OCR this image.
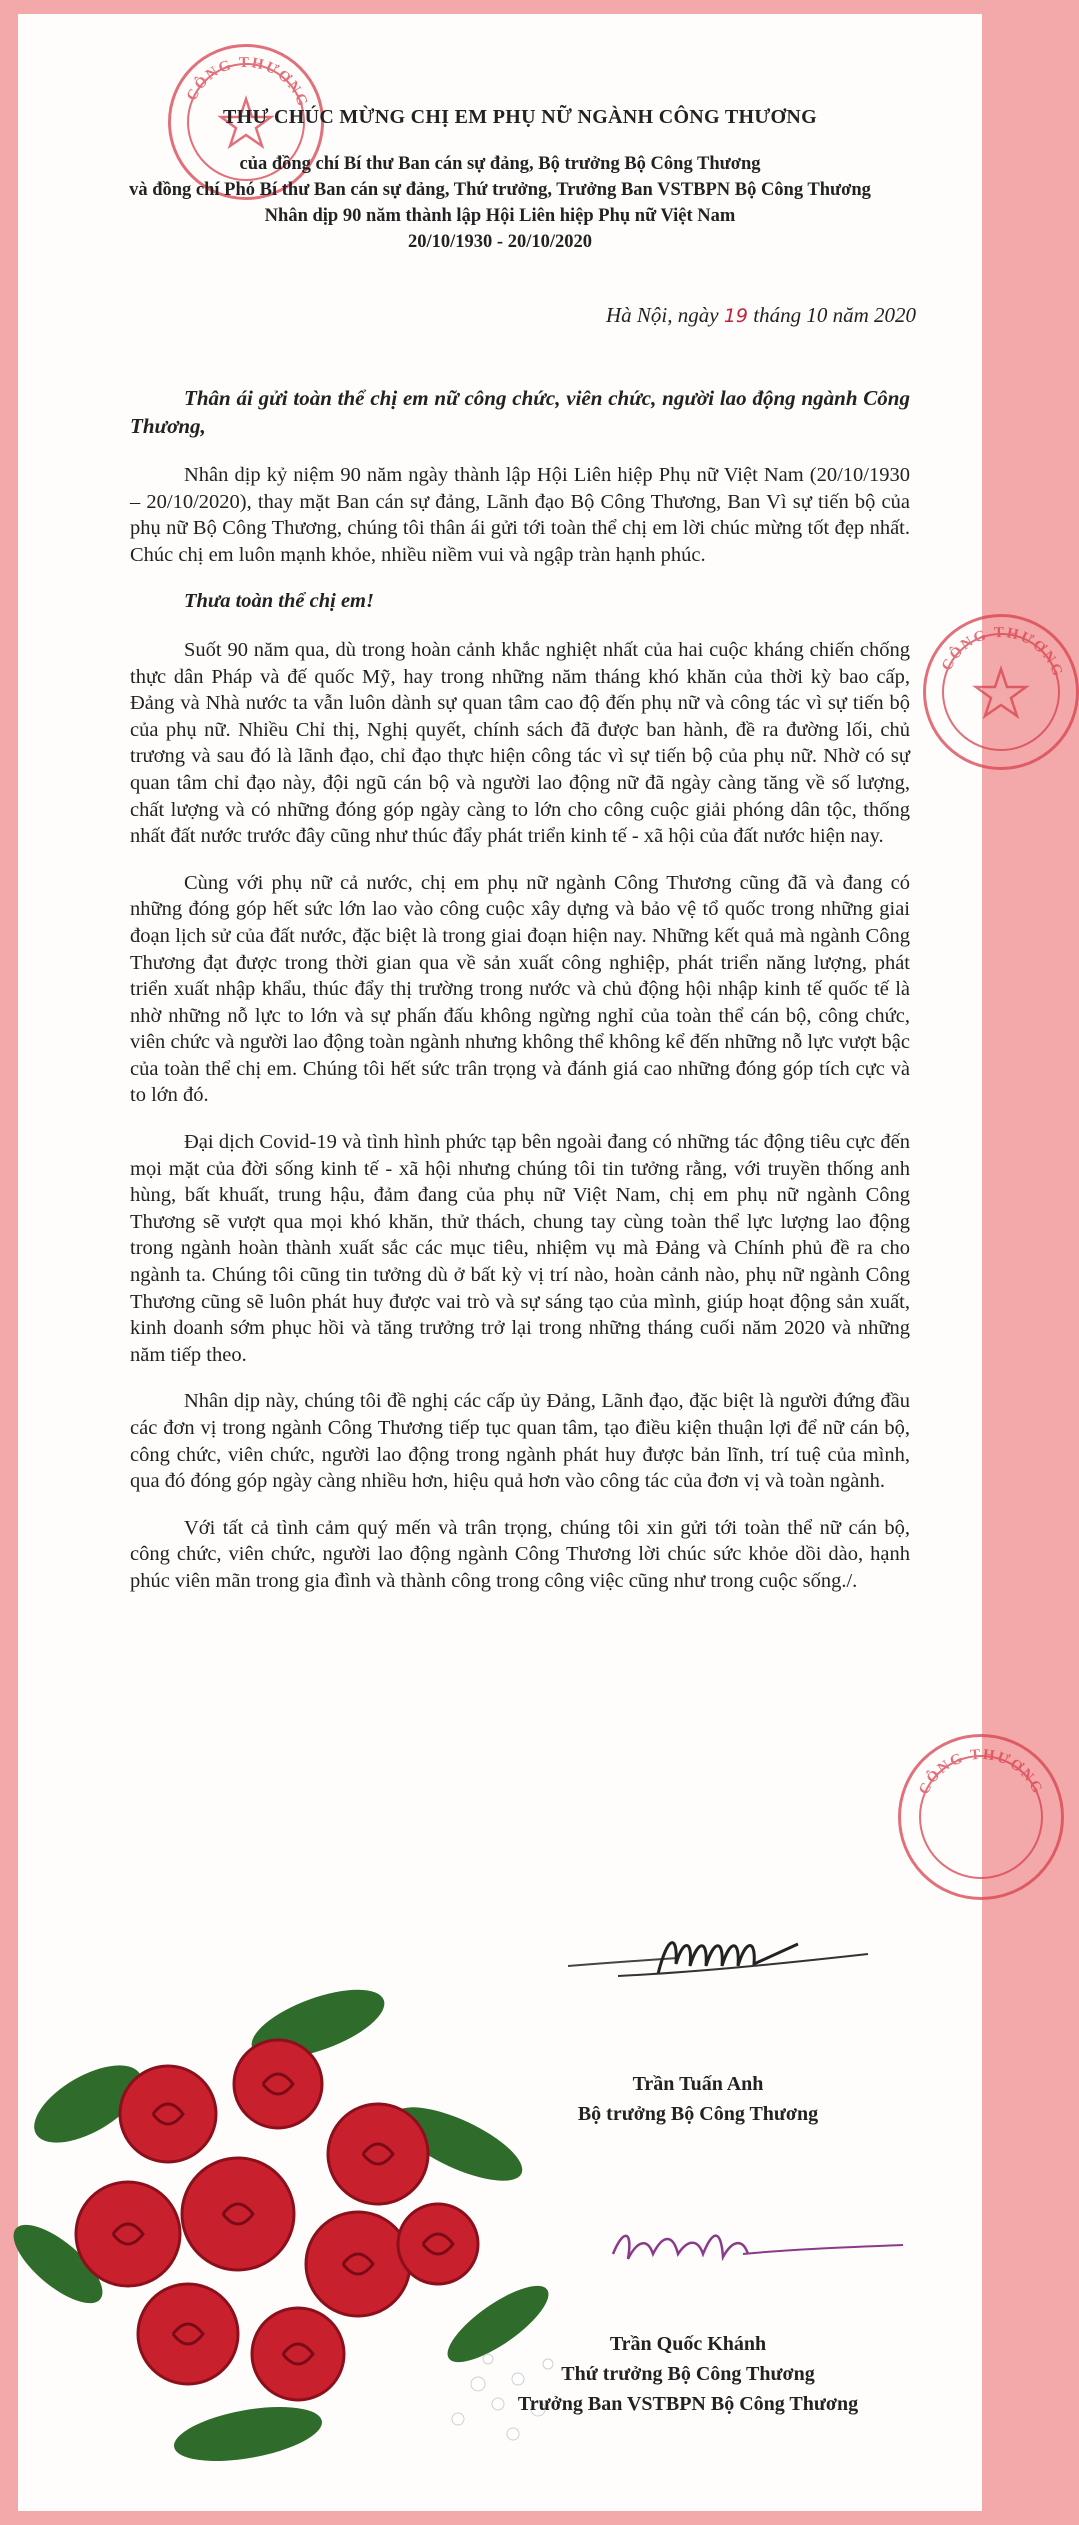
CÔNG THƯƠNG
CÔNG THƯƠNG
CÔNG THƯƠNG
THƯ CHÚC MỪNG CHỊ EM PHỤ NỮ NGÀNH CÔNG THƯƠNG
của đồng chí Bí thư Ban cán sự đảng, Bộ trưởng Bộ Công Thương
và đồng chí Phó Bí thư Ban cán sự đảng, Thứ trưởng, Trưởng Ban VSTBPN Bộ Công Thương
Nhân dịp 90 năm thành lập Hội Liên hiệp Phụ nữ Việt Nam
20/10/1930 - 20/10/2020
Hà Nội, ngày 19 tháng 10 năm 2020

Thân ái gửi toàn thể chị em nữ công chức, viên chức, người lao động ngành Công Thương,

Nhân dịp kỷ niệm 90 năm ngày thành lập Hội Liên hiệp Phụ nữ Việt Nam (20/10/1930 – 20/10/2020), thay mặt Ban cán sự đảng, Lãnh đạo Bộ Công Thương, Ban Vì sự tiến bộ của phụ nữ Bộ Công Thương, chúng tôi thân ái gửi tới toàn thể chị em lời chúc mừng tốt đẹp nhất. Chúc chị em luôn mạnh khỏe, nhiều niềm vui và ngập tràn hạnh phúc.

Thưa toàn thể chị em!

Suốt 90 năm qua, dù trong hoàn cảnh khắc nghiệt nhất của hai cuộc kháng chiến chống thực dân Pháp và đế quốc Mỹ, hay trong những năm tháng khó khăn của thời kỳ bao cấp, Đảng và Nhà nước ta vẫn luôn dành sự quan tâm cao độ đến phụ nữ và công tác vì sự tiến bộ của phụ nữ. Nhiều Chỉ thị, Nghị quyết, chính sách đã được ban hành, đề ra đường lối, chủ trương và sau đó là lãnh đạo, chỉ đạo thực hiện công tác vì sự tiến bộ của phụ nữ. Nhờ có sự quan tâm chỉ đạo này, đội ngũ cán bộ và người lao động nữ đã ngày càng tăng về số lượng, chất lượng và có những đóng góp ngày càng to lớn cho công cuộc giải phóng dân tộc, thống nhất đất nước trước đây cũng như thúc đẩy phát triển kinh tế - xã hội của đất nước hiện nay.

Cùng với phụ nữ cả nước, chị em phụ nữ ngành Công Thương cũng đã và đang có những đóng góp hết sức lớn lao vào công cuộc xây dựng và bảo vệ tổ quốc trong những giai đoạn lịch sử của đất nước, đặc biệt là trong giai đoạn hiện nay. Những kết quả mà ngành Công Thương đạt được trong thời gian qua về sản xuất công nghiệp, phát triển năng lượng, phát triển xuất nhập khẩu, thúc đẩy thị trường trong nước và chủ động hội nhập kinh tế quốc tế là nhờ những nỗ lực to lớn và sự phấn đấu không ngừng nghỉ của toàn thể cán bộ, công chức, viên chức và người lao động toàn ngành nhưng không thể không kể đến những nỗ lực vượt bậc của toàn thể chị em. Chúng tôi hết sức trân trọng và đánh giá cao những đóng góp tích cực và to lớn đó.

Đại dịch Covid-19 và tình hình phức tạp bên ngoài đang có những tác động tiêu cực đến mọi mặt của đời sống kinh tế - xã hội nhưng chúng tôi tin tưởng rằng, với truyền thống anh hùng, bất khuất, trung hậu, đảm đang của phụ nữ Việt Nam, chị em phụ nữ ngành Công Thương sẽ vượt qua mọi khó khăn, thử thách, chung tay cùng toàn thể lực lượng lao động trong ngành hoàn thành xuất sắc các mục tiêu, nhiệm vụ mà Đảng và Chính phủ đề ra cho ngành ta. Chúng tôi cũng tin tưởng dù ở bất kỳ vị trí nào, hoàn cảnh nào, phụ nữ ngành Công Thương cũng sẽ luôn phát huy được vai trò và sự sáng tạo của mình, giúp hoạt động sản xuất, kinh doanh sớm phục hồi và tăng trưởng trở lại trong những tháng cuối năm 2020 và những năm tiếp theo.

Nhân dịp này, chúng tôi đề nghị các cấp ủy Đảng, Lãnh đạo, đặc biệt là người đứng đầu các đơn vị trong ngành Công Thương tiếp tục quan tâm, tạo điều kiện thuận lợi để nữ cán bộ, công chức, viên chức, người lao động trong ngành phát huy được bản lĩnh, trí tuệ của mình, qua đó đóng góp ngày càng nhiều hơn, hiệu quả hơn vào công tác của đơn vị và toàn ngành.

Với tất cả tình cảm quý mến và trân trọng, chúng tôi xin gửi tới toàn thể nữ cán bộ, công chức, viên chức, người lao động ngành Công Thương lời chúc sức khỏe dồi dào, hạnh phúc viên mãn trong gia đình và thành công trong công việc cũng như trong cuộc sống./.

Trần Tuấn Anh
Bộ trưởng Bộ Công Thương
Trần Quốc Khánh
Thứ trưởng Bộ Công Thương
Trưởng Ban VSTBPN Bộ Công Thương
